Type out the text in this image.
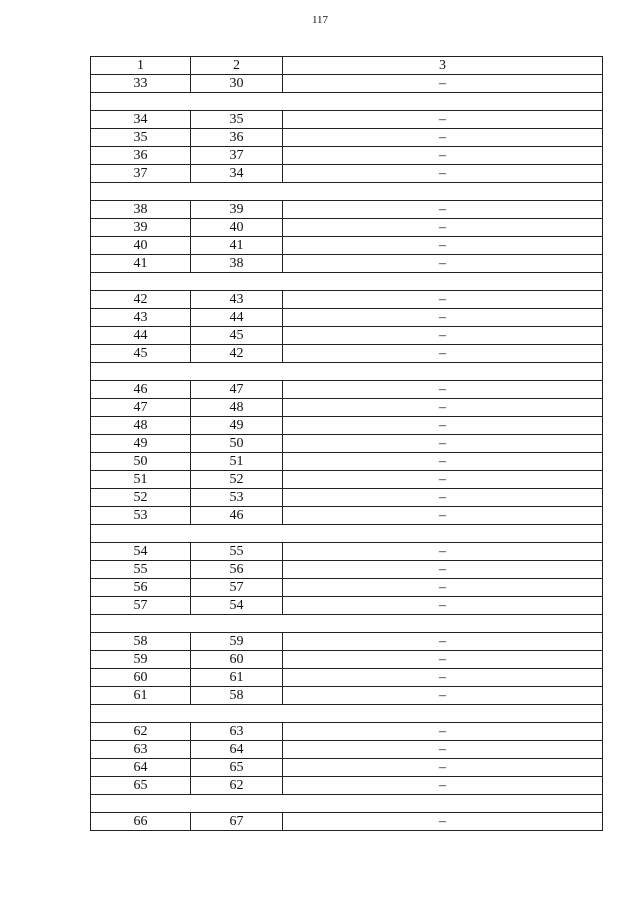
117
1	2	3
33	30	–

34	35	–
35	36	–
36	37	–
37	34	–

38	39	–
39	40	–
40	41	–
41	38	–

42	43	–
43	44	–
44	45	–
45	42	–

46	47	–
47	48	–
48	49	–
49	50	–
50	51	–
51	52	–
52	53	–
53	46	–

54	55	–
55	56	–
56	57	–
57	54	–

58	59	–
59	60	–
60	61	–
61	58	–

62	63	–
63	64	–
64	65	–
65	62	–

66	67	–
